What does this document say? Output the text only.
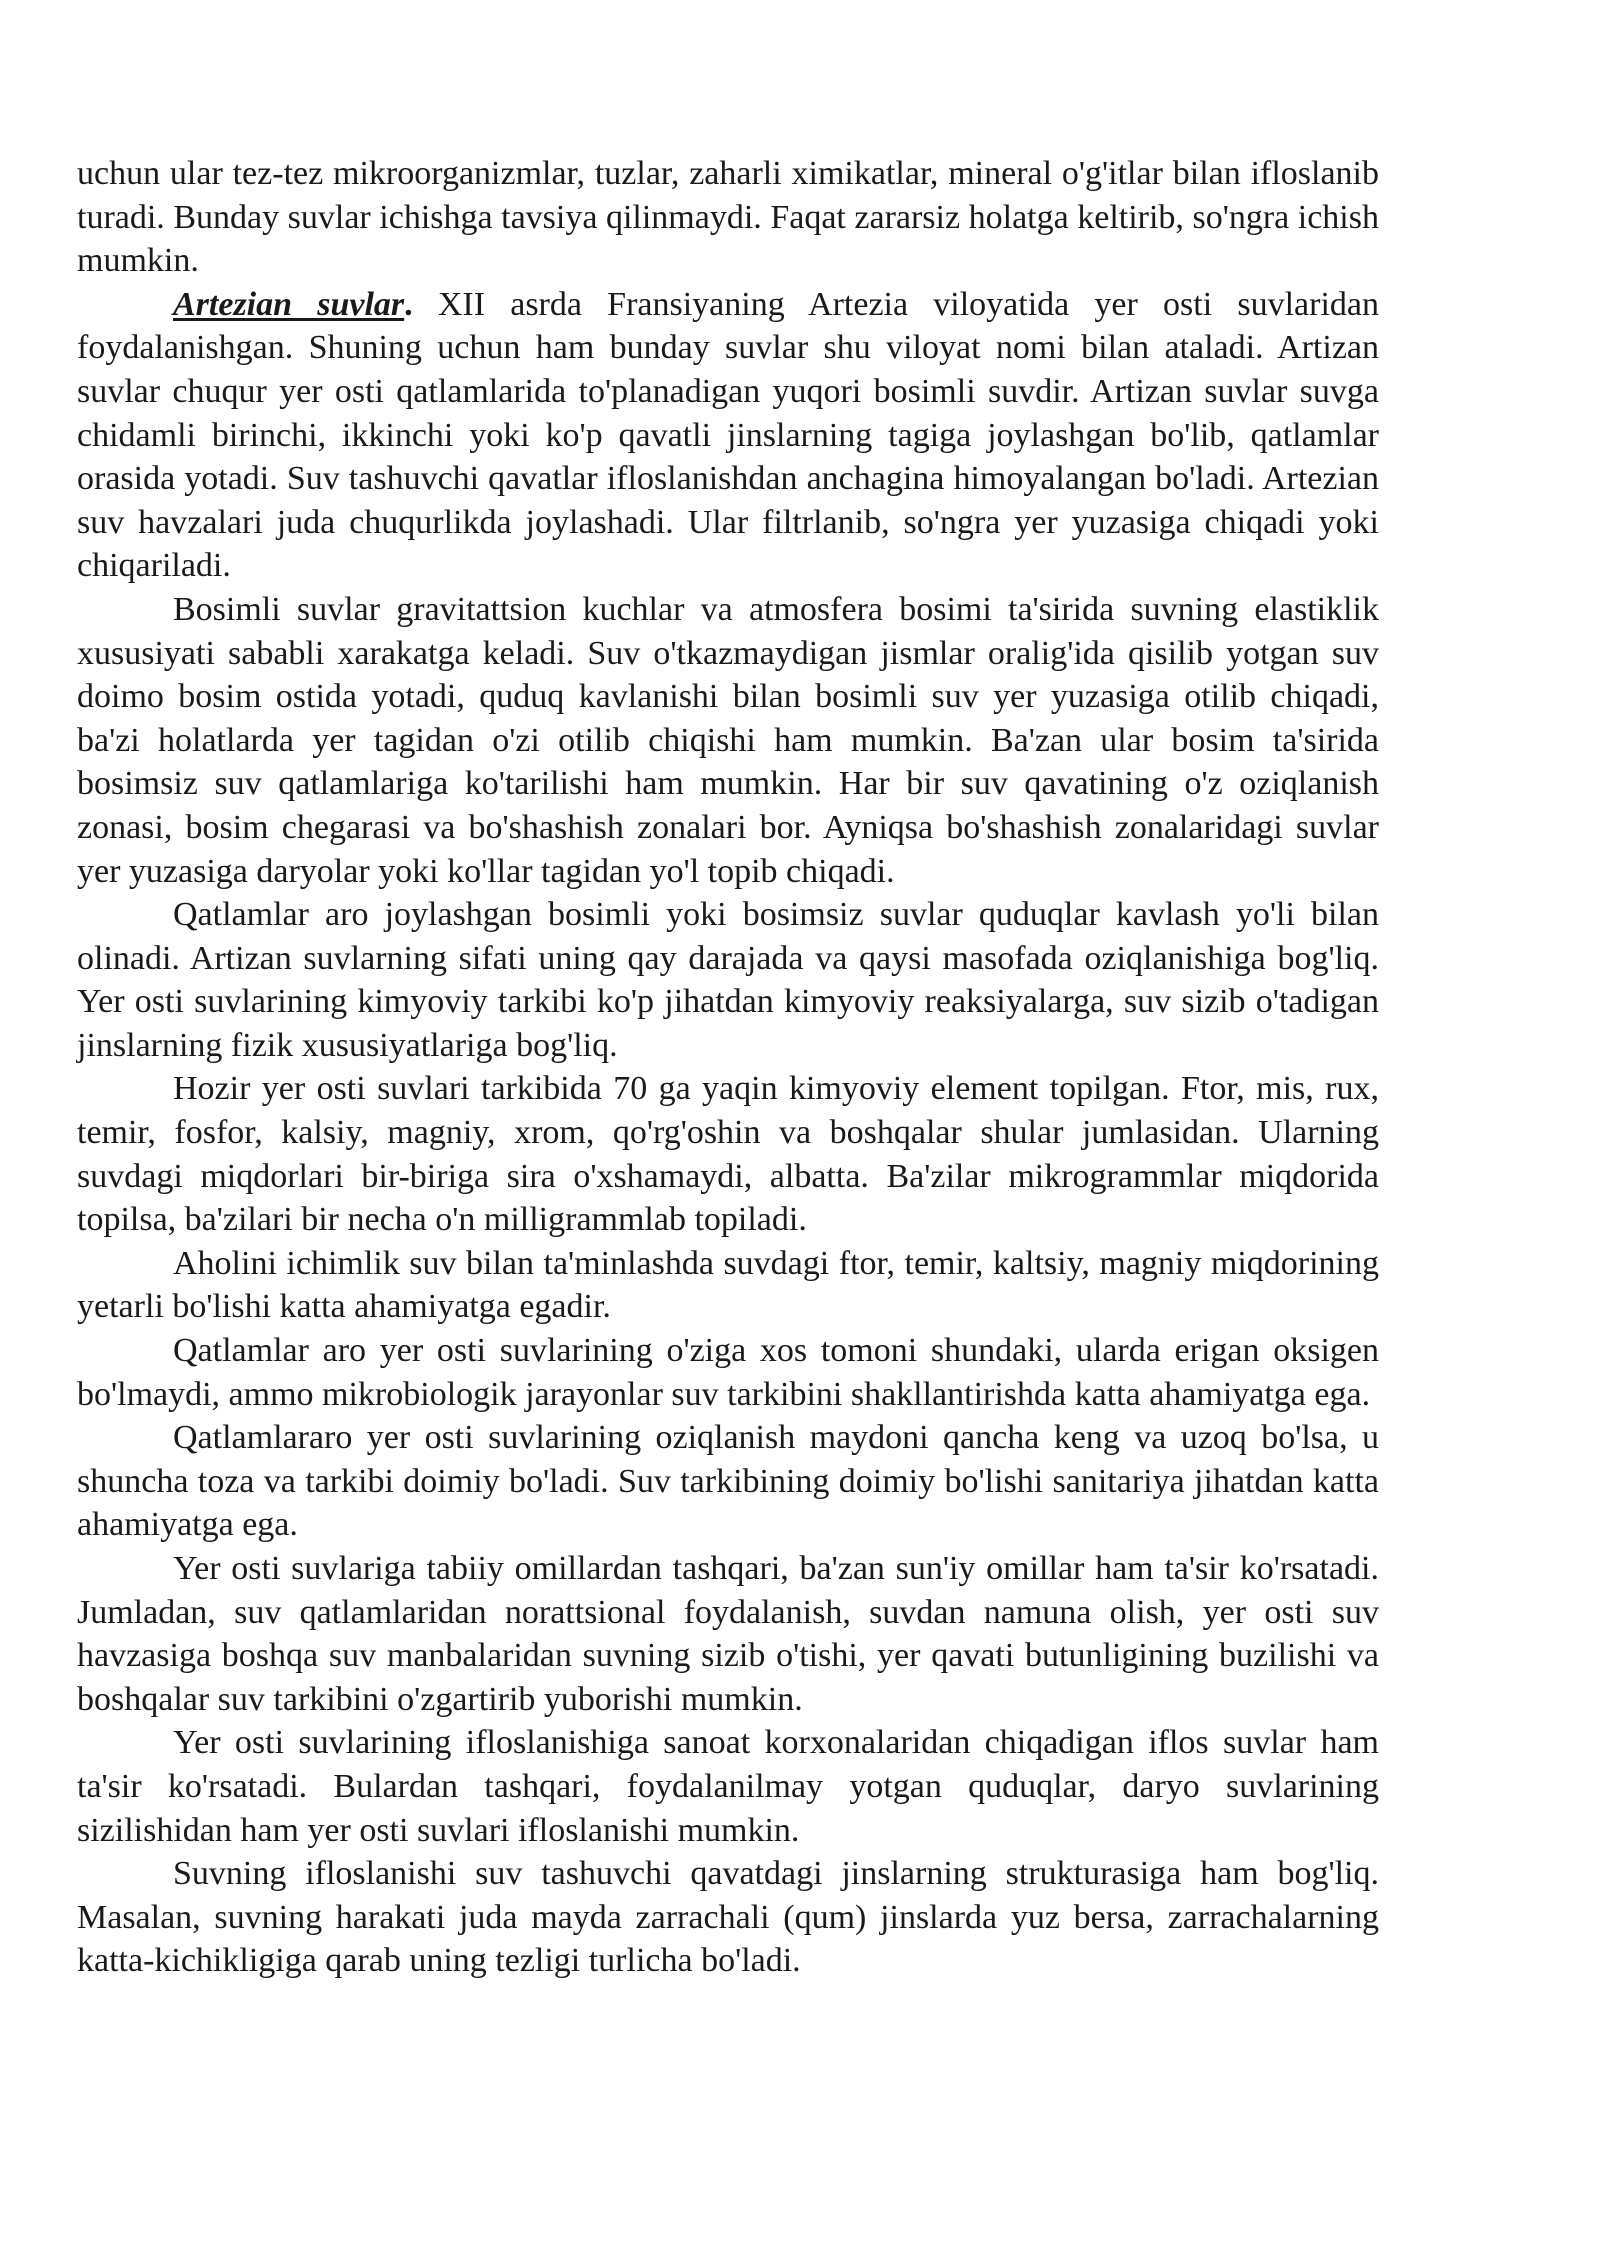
uchun ular tez-tez mikroorganizmlar, tuzlar, zaharli ximikatlar, mineral o'g'itlar bilan ifloslanib turadi. Bunday suvlar ichishga tavsiya qilinmaydi. Faqat zararsiz holatga keltirib, so'ngra ichish mumkin.

Artezian suvlar. XII asrda Fransiyaning Artezia viloyatida yer osti suvlaridan foydalanishgan. Shuning uchun ham bunday suvlar shu viloyat nomi bilan ataladi. Artizan suvlar chuqur yer osti qatlamlarida to'planadigan yuqori bosimli suvdir. Artizan suvlar suvga chidamli birinchi, ikkinchi yoki ko'p qavatli jinslarning tagiga joylashgan bo'lib, qatlamlar orasida yotadi. Suv tashuvchi qavatlar ifloslanishdan anchagina himoyalangan bo'ladi. Artezian suv havzalari juda chuqurlikda joylashadi. Ular filtrlanib, so'ngra yer yuzasiga chiqadi yoki chiqariladi.

Bosimli suvlar gravitattsion kuchlar va atmosfera bosimi ta'sirida suvning elastiklik xususiyati sababli xarakatga keladi. Suv o'tkazmaydigan jismlar oralig'ida qisilib yotgan suv doimo bosim ostida yotadi, quduq kavlanishi bilan bosimli suv yer yuzasiga otilib chiqadi, ba'zi holatlarda yer tagidan o'zi otilib chiqishi ham mumkin. Ba'zan ular bosim ta'sirida bosimsiz suv qatlamlariga ko'tarilishi ham mumkin. Har bir suv qavatining o'z oziqlanish zonasi, bosim chegarasi va bo'shashish zonalari bor. Ayniqsa bo'shashish zonalaridagi suvlar yer yuzasiga daryolar yoki ko'llar tagidan yo'l topib chiqadi.

Qatlamlar aro joylashgan bosimli yoki bosimsiz suvlar quduqlar kavlash yo'li bilan olinadi. Artizan suvlarning sifati uning qay darajada va qaysi masofada oziqlanishiga bog'liq. Yer osti suvlarining kimyoviy tarkibi ko'p jihatdan kimyoviy reaksiyalarga, suv sizib o'tadigan jinslarning fizik xususiyatlariga bog'liq.

Hozir yer osti suvlari tarkibida 70 ga yaqin kimyoviy element topilgan. Ftor, mis, rux, temir, fosfor, kalsiy, magniy, xrom, qo'rg'oshin va boshqalar shular jumlasidan. Ularning suvdagi miqdorlari bir-biriga sira o'xshamaydi, albatta. Ba'zilar mikrogrammlar miqdorida topilsa, ba'zilari bir necha o'n milligrammlab topiladi.

Aholini ichimlik suv bilan ta'minlashda suvdagi ftor, temir, kaltsiy, magniy miqdorining yetarli bo'lishi katta ahamiyatga egadir.

Qatlamlar aro yer osti suvlarining o'ziga xos tomoni shundaki, ularda erigan oksigen bo'lmaydi, ammo mikrobiologik jarayonlar suv tarkibini shakllantirishda katta ahamiyatga ega.

Qatlamlararo yer osti suvlarining oziqlanish maydoni qancha keng va uzoq bo'lsa, u shuncha toza va tarkibi doimiy bo'ladi. Suv tarkibining doimiy bo'lishi sanitariya jihatdan katta ahamiyatga ega.

Yer osti suvlariga tabiiy omillardan tashqari, ba'zan sun'iy omillar ham ta'sir ko'rsatadi. Jumladan, suv qatlamlaridan norattsional foydalanish, suvdan namuna olish, yer osti suv havzasiga boshqa suv manbalaridan suvning sizib o'tishi, yer qavati butunligining buzilishi va boshqalar suv tarkibini o'zgartirib yuborishi mumkin.

Yer osti suvlarining ifloslanishiga sanoat korxonalaridan chiqadigan iflos suvlar ham ta'sir ko'rsatadi. Bulardan tashqari, foydalanilmay yotgan quduqlar, daryo suvlarining sizilishidan ham yer osti suvlari ifloslanishi mumkin.

Suvning ifloslanishi suv tashuvchi qavatdagi jinslarning strukturasiga ham bog'liq. Masalan, suvning harakati juda mayda zarrachali (qum) jinslarda yuz bersa, zarrachalarning katta-kichikligiga qarab uning tezligi turlicha bo'ladi.
